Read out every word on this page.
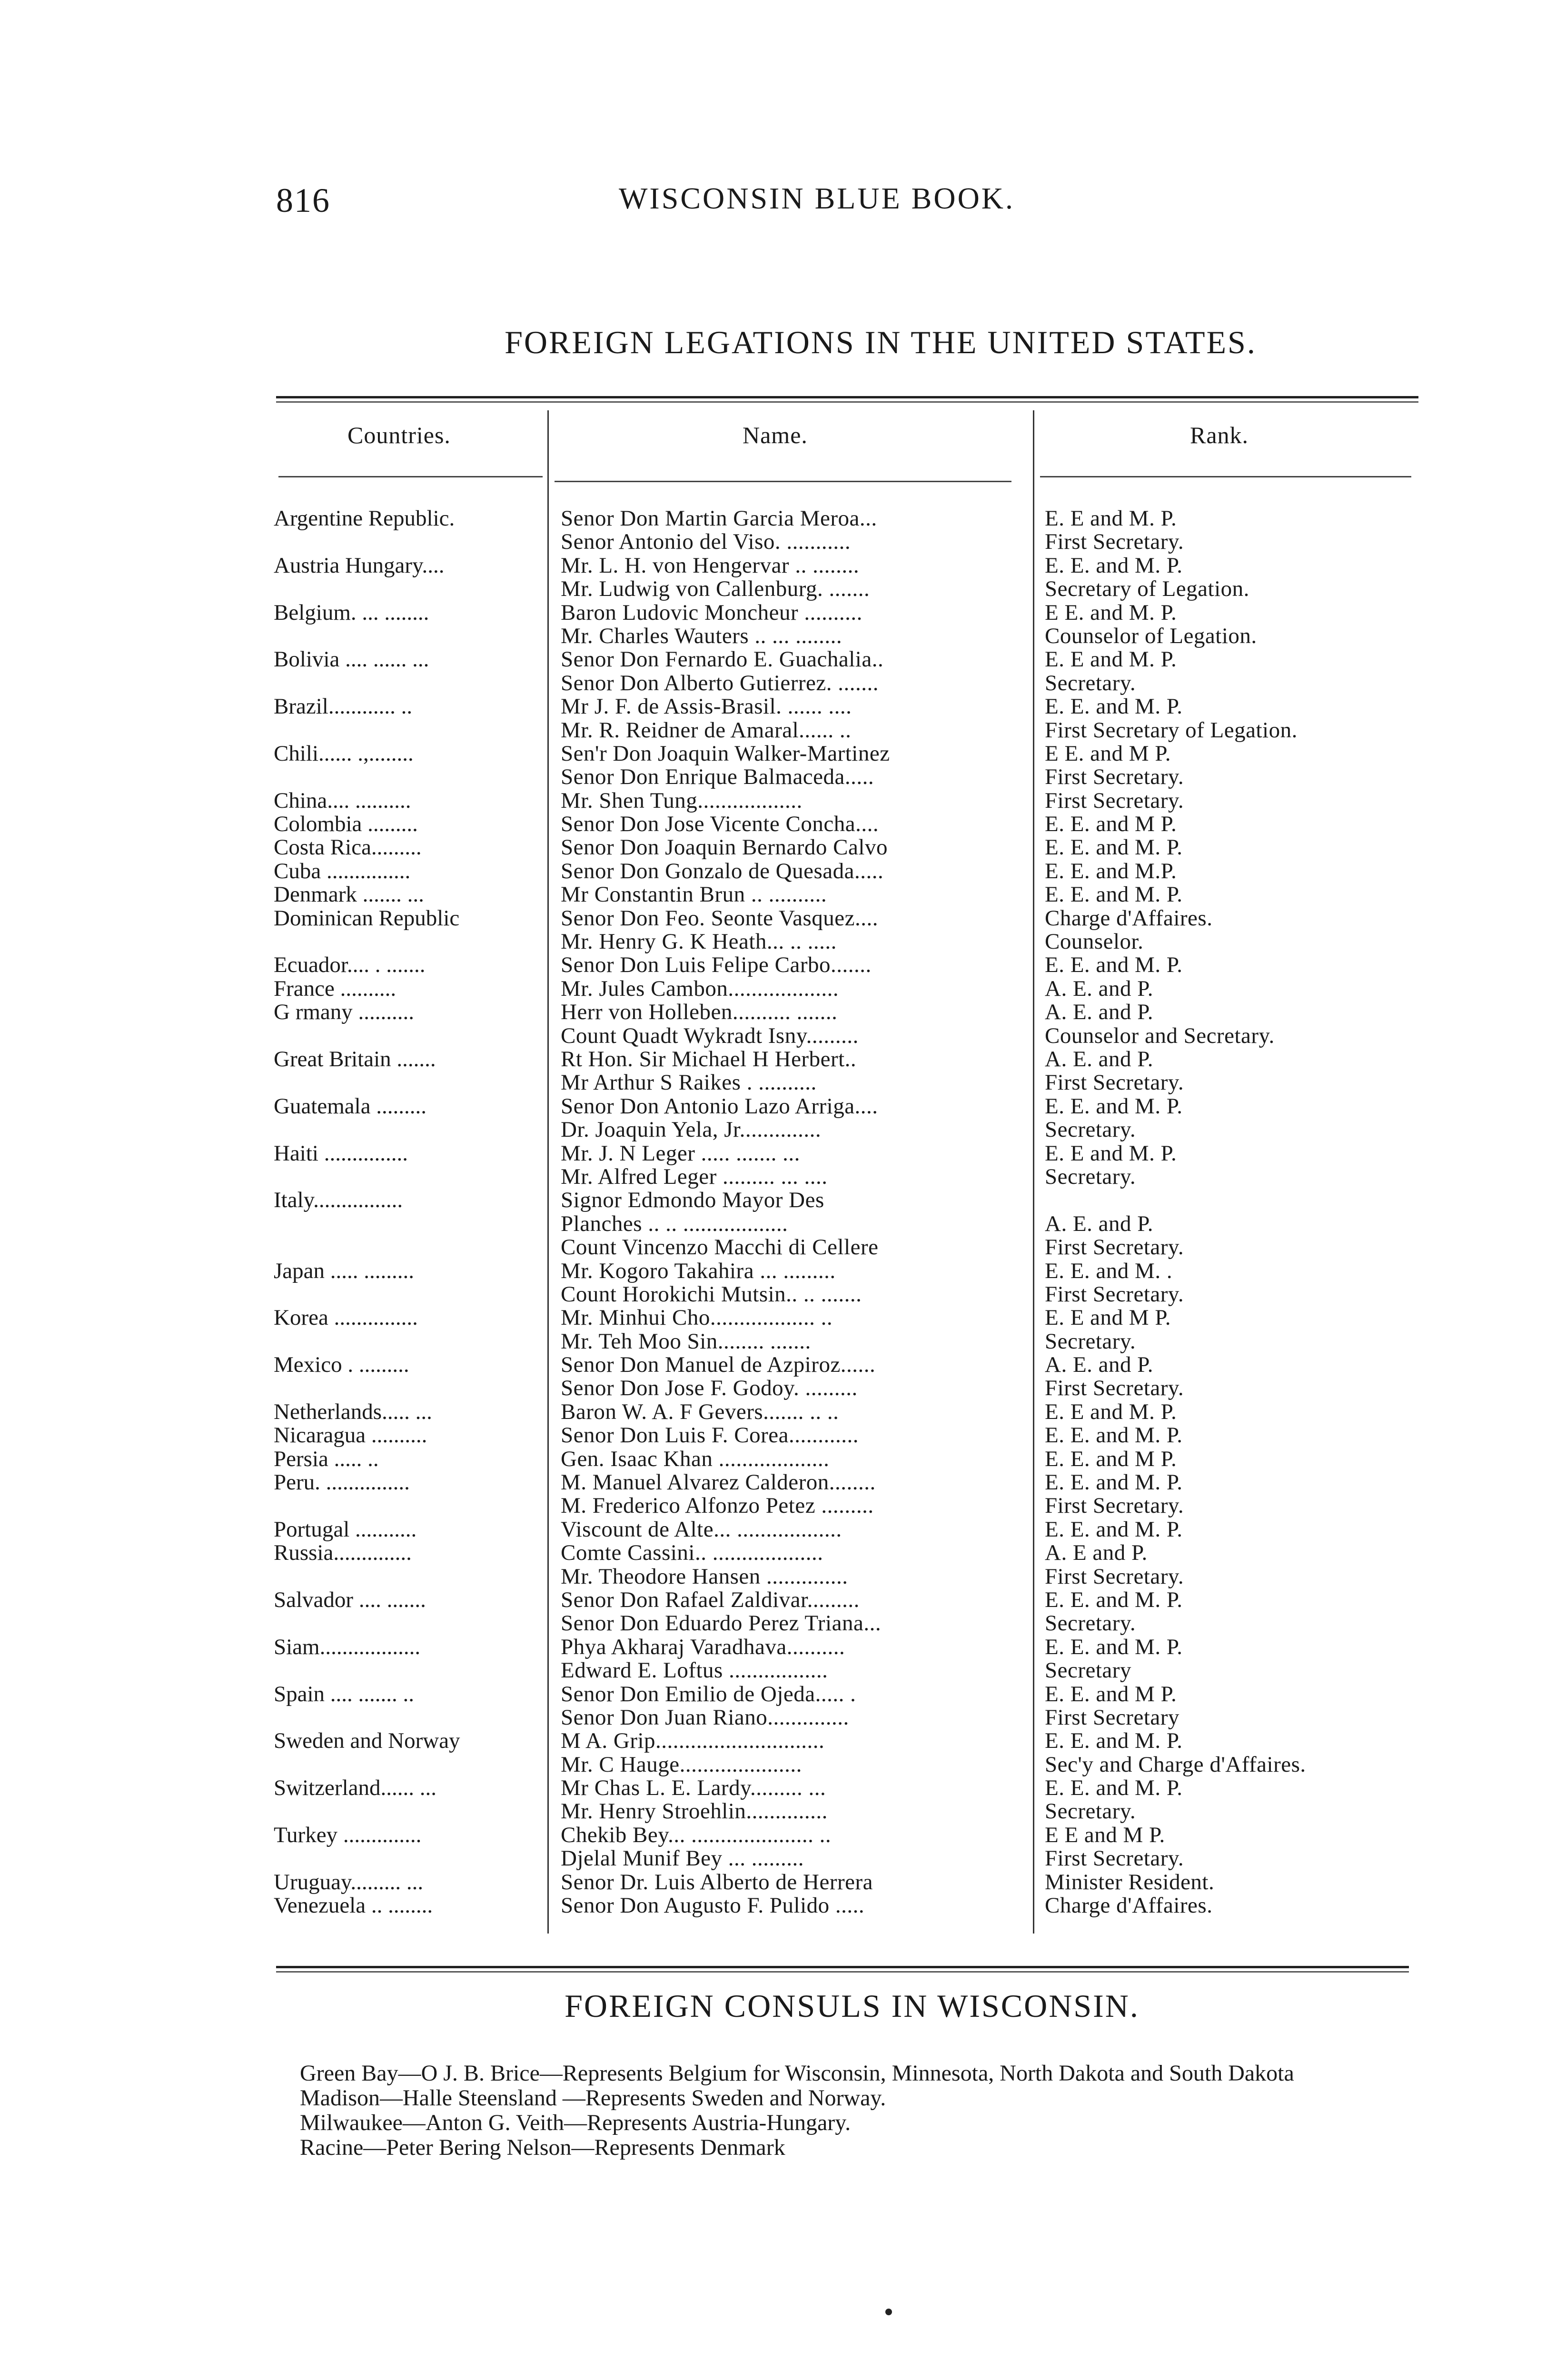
816	WISCONSIN BLUE BOOK.
FOREIGN LEGATIONS IN THE UNITED STATES.
Countries.	Name.	Rank.
Argentine Republic.	Senor Don Martin Garcia Meroa...	E. E and M. P.
Senor Antonio del Viso. ...........	First Secretary.
Austria Hungary....	Mr. L. H. von Hengervar .. ........	E. E. and M. P.
Mr. Ludwig von Callenburg. .......	Secretary of Legation.
Belgium. ... ........	Baron Ludovic Moncheur ..........	E E. and M. P.
Mr. Charles Wauters .. ... ........	Counselor of Legation.
Bolivia .... ...... ...	Senor Don Fernardo E. Guachalia..	E. E and M. P.
Senor Don Alberto Gutierrez. .......	Secretary.
Brazil............ ..	Mr J. F. de Assis-Brasil. ...... ....	E. E. and M. P.
Mr. R. Reidner de Amaral...... ..	First Secretary of Legation.
Chili...... .,........	Sen'r Don Joaquin Walker-Martinez	E E. and M P.
Senor Don Enrique Balmaceda.....	First Secretary.
China.... ..........	Mr. Shen Tung..................	First Secretary.
Colombia .........	Senor Don Jose Vicente Concha....	E. E. and M P.
Costa Rica.........	Senor Don Joaquin Bernardo Calvo	E. E. and M. P.
Cuba ...............	Senor Don Gonzalo de Quesada.....	E. E. and M.P.
Denmark ....... ...	Mr Constantin Brun .. ..........	E. E. and M. P.
Dominican Republic	Senor Don Feo. Seonte Vasquez....	Charge d'Affaires.
Mr. Henry G. K Heath... .. .....	Counselor.
Ecuador.... . .......	Senor Don Luis Felipe Carbo.......	E. E. and M. P.
France ..........	Mr. Jules Cambon...................	A. E. and P.
G rmany ..........	Herr von Holleben.......... .......	A. E. and P.
Count Quadt Wykradt Isny.........	Counselor and Secretary.
Great Britain .......	Rt Hon. Sir Michael H Herbert..	A. E. and P.
Mr Arthur S Raikes . ..........	First Secretary.
Guatemala .........	Senor Don Antonio Lazo Arriga....	E. E. and M. P.
Dr. Joaquin Yela, Jr..............	Secretary.
Haiti ...............	Mr. J. N Leger ..... ....... ...	E. E and M. P.
Mr. Alfred Leger ......... ... ....	Secretary.
Italy................	Signor Edmondo Mayor Des
Planches .. .. ..................	A. E. and P.
Count Vincenzo Macchi di Cellere	First Secretary.
Japan ..... .........	Mr. Kogoro Takahira ... .........	E. E. and M. .
Count Horokichi Mutsin.. .. .......	First Secretary.
Korea ...............	Mr. Minhui Cho.................. ..	E. E and M P.
Mr. Teh Moo Sin........ .......	Secretary.
Mexico . .........	Senor Don Manuel de Azpiroz......	A. E. and P.
Senor Don Jose F. Godoy. .........	First Secretary.
Netherlands..... ...	Baron W. A. F Gevers....... .. ..	E. E and M. P.
Nicaragua ..........	Senor Don Luis F. Corea............	E. E. and M. P.
Persia ..... ..	Gen. Isaac Khan ...................	E. E. and M P.
Peru. ...............	M. Manuel Alvarez Calderon........	E. E. and M. P.
M. Frederico Alfonzo Petez .........	First Secretary.
Portugal ...........	Viscount de Alte... ..................	E. E. and M. P.
Russia..............	Comte Cassini.. ...................	A. E and P.
Mr. Theodore Hansen ..............	First Secretary.
Salvador .... .......	Senor Don Rafael Zaldivar.........	E. E. and M. P.
Senor Don Eduardo Perez Triana...	Secretary.
Siam..................	Phya Akharaj Varadhava..........	E. E. and M. P.
Edward E. Loftus .................	Secretary
Spain .... ....... ..	Senor Don Emilio de Ojeda..... .	E. E. and M P.
Senor Don Juan Riano..............	First Secretary
Sweden and Norway	M A. Grip.............................	E. E. and M. P.
Mr. C Hauge.....................	Sec'y and Charge d'Affaires.
Switzerland...... ...	Mr Chas L. E. Lardy......... ...	E. E. and M. P.
Mr. Henry Stroehlin..............	Secretary.
Turkey ..............	Chekib Bey... ..................... ..	E E and M P.
Djelal Munif Bey ... .........	First Secretary.
Uruguay......... ...	Senor Dr. Luis Alberto de Herrera	Minister Resident.
Venezuela .. ........	Senor Don Augusto F. Pulido .....	Charge d'Affaires.
FOREIGN CONSULS IN WISCONSIN.

Green Bay—O J. B. Brice—Represents Belgium for Wisconsin, Minnesota, North Dakota and South Dakota

Madison—Halle Steensland —Represents Sweden and Norway.

Milwaukee—Anton G. Veith—Represents Austria-Hungary.

Racine—Peter Bering Nelson—Represents Denmark
